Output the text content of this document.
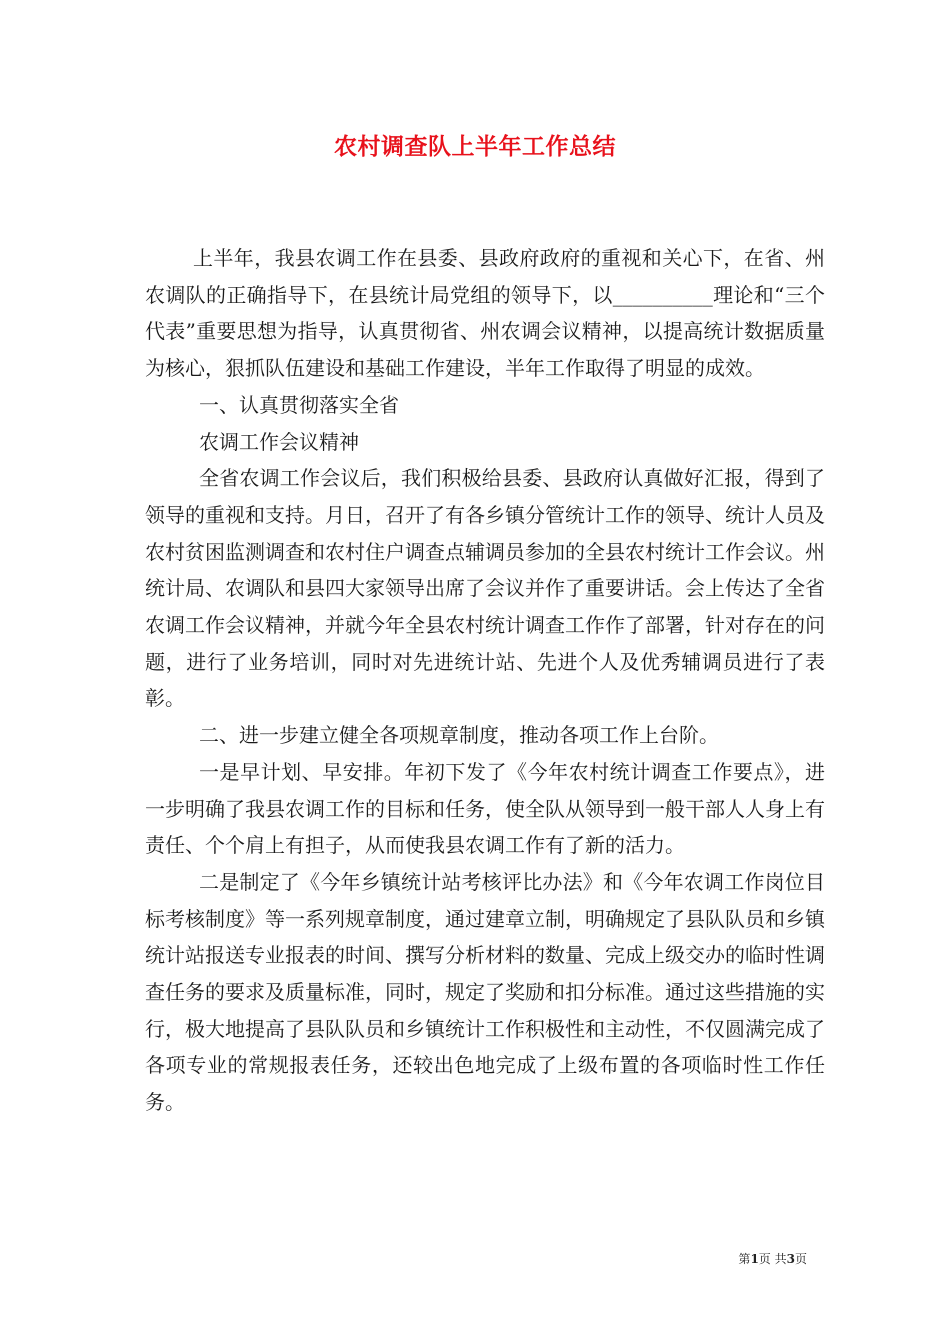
农村调查队上半年工作总结

上半年，我县农调工作在县委、县政府政府的重视和关心下，在省、州农调队的正确指导下，在县统计局党组的领导下，以__________理论和“三个代表”重要思想为指导，认真贯彻省、州农调会议精神，以提高统计数据质量为核心，狠抓队伍建设和基础工作建设，半年工作取得了明显的成效。

一、认真贯彻落实全省

农调工作会议精神

全省农调工作会议后，我们积极给县委、县政府认真做好汇报，得到了领导的重视和支持。月日，召开了有各乡镇分管统计工作的领导、统计人员及农村贫困监测调查和农村住户调查点辅调员参加的全县农村统计工作会议。州统计局、农调队和县四大家领导出席了会议并作了重要讲话。会上传达了全省农调工作会议精神，并就今年全县农村统计调查工作作了部署，针对存在的问题，进行了业务培训，同时对先进统计站、先进个人及优秀辅调员进行了表彰。

二、进一步建立健全各项规章制度，推动各项工作上台阶。

一是早计划、早安排。年初下发了《今年农村统计调查工作要点》，进一步明确了我县农调工作的目标和任务，使全队从领导到一般干部人人身上有责任、个个肩上有担子，从而使我县农调工作有了新的活力。

二是制定了《今年乡镇统计站考核评比办法》和《今年农调工作岗位目标考核制度》等一系列规章制度，通过建章立制，明确规定了县队队员和乡镇统计站报送专业报表的时间、撰写分析材料的数量、完成上级交办的临时性调查任务的要求及质量标准，同时，规定了奖励和扣分标准。通过这些措施的实行，极大地提高了县队队员和乡镇统计工作积极性和主动性，不仅圆满完成了各项专业的常规报表任务，还较出色地完成了上级布置的各项临时性工作任务。

第1页 共3页
